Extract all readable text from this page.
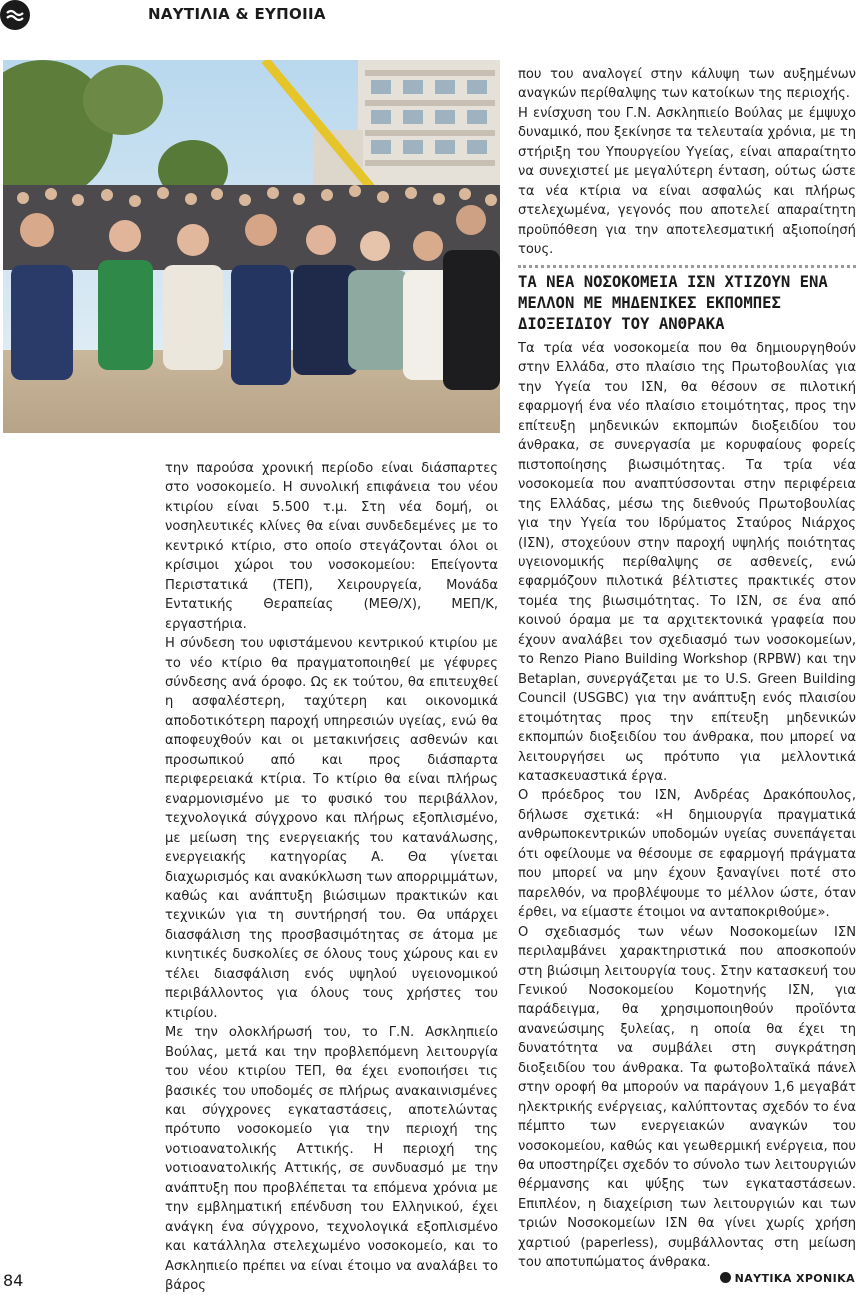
ΝΑΥΤΙΛΙΑ & ΕΥΠΟΙΙΑ

την παρούσα χρονική περίοδο είναι διάσπαρτες στο νοσοκομείο. Η συνολική επιφάνεια του νέου κτιρίου είναι 5.500 τ.μ. Στη νέα δομή, οι νοσηλευτικές κλίνες θα είναι συνδεδεμένες με το κεντρικό κτίριο, στο οποίο στεγάζονται όλοι οι κρίσιμοι χώροι του νοσοκομείου: Επείγοντα Περιστατικά (ΤΕΠ), Χειρουργεία, Μονάδα Εντατικής Θεραπείας (ΜΕΘ/Χ), ΜΕΠ/Κ, εργαστήρια.

Η σύνδεση του υφιστάμενου κεντρικού κτιρίου με το νέο κτίριο θα πραγματοποιηθεί με γέφυρες σύνδεσης ανά όροφο. Ως εκ τούτου, θα επιτευχθεί η ασφαλέστερη, ταχύτερη και οικονομικά αποδοτικότερη παροχή υπηρεσιών υγείας, ενώ θα αποφευχθούν και οι μετακινήσεις ασθενών και προσωπικού από και προς διάσπαρτα περιφερειακά κτίρια. Το κτίριο θα είναι πλήρως εναρμονισμένο με το φυσικό του περιβάλλον, τεχνολογικά σύγχρονο και πλήρως εξοπλισμένο, με μείωση της ενεργειακής του κατανάλωσης, ενεργειακής κατηγορίας Α. Θα γίνεται διαχωρισμός και ανακύκλωση των απορριμμάτων, καθώς και ανάπτυξη βιώσιμων πρακτικών και τεχνικών για τη συντήρησή του. Θα υπάρχει διασφάλιση της προσβασιμότητας σε άτομα με κινητικές δυσκολίες σε όλους τους χώρους και εν τέλει διασφάλιση ενός υψηλού υγειονομικού περιβάλλοντος για όλους τους χρήστες του κτιρίου.

Με την ολοκλήρωσή του, το Γ.Ν. Ασκληπιείο Βούλας, μετά και την προβλεπόμενη λειτουργία του νέου κτιρίου ΤΕΠ, θα έχει ενοποιήσει τις βασικές του υποδομές σε πλήρως ανακαινισμένες και σύγχρονες εγκαταστάσεις, αποτελώντας πρότυπο νοσοκομείο για την περιοχή της νοτιοανατολικής Αττικής. Η περιοχή της νοτιοανατολικής Αττικής, σε συνδυασμό με την ανάπτυξη που προβλέπεται τα επόμενα χρόνια με την εμβληματική επένδυση του Ελληνικού, έχει ανάγκη ένα σύγχρονο, τεχνολογικά εξοπλισμένο και κατάλληλα στελεχωμένο νοσοκομείο, και το Ασκληπιείο πρέπει να είναι έτοιμο να αναλάβει το βάρος

που του αναλογεί στην κάλυψη των αυξημένων αναγκών περίθαλψης των κατοίκων της περιοχής.

Η ενίσχυση του Γ.Ν. Ασκληπιείο Βούλας με έμψυχο δυναμικό, που ξεκίνησε τα τελευταία χρόνια, με τη στήριξη του Υπουργείου Υγείας, είναι απαραίτητο να συνεχιστεί με μεγαλύτερη ένταση, ούτως ώστε τα νέα κτίρια να είναι ασφαλώς και πλήρως στελεχωμένα, γεγονός που αποτελεί απαραίτητη προϋπόθεση για την αποτελεσματική αξιοποίησή τους.

ΤΑ ΝΕΑ ΝΟΣΟΚΟΜΕΙΑ ΙΣΝ ΧΤΙΖΟΥΝ ΕΝΑ ΜΕΛΛΟΝ ΜΕ ΜΗΔΕΝΙΚΕΣ ΕΚΠΟΜΠΕΣ ΔΙΟΞΕΙΔΙΟΥ ΤΟΥ ΑΝΘΡΑΚΑ

Τα τρία νέα νοσοκομεία που θα δημιουργηθούν στην Ελλάδα, στο πλαίσιο της Πρωτοβουλίας για την Υγεία του ΙΣΝ, θα θέσουν σε πιλοτική εφαρμογή ένα νέο πλαίσιο ετοιμότητας, προς την επίτευξη μηδενικών εκπομπών διοξειδίου του άνθρακα, σε συνεργασία με κορυφαίους φορείς πιστοποίησης βιωσιμότητας. Τα τρία νέα νοσοκομεία που αναπτύσσονται στην περιφέρεια της Ελλάδας, μέσω της διεθνούς Πρωτοβουλίας για την Υγεία του Ιδρύματος Σταύρος Νιάρχος (ΙΣΝ), στοχεύουν στην παροχή υψηλής ποιότητας υγειονομικής περίθαλψης σε ασθενείς, ενώ εφαρμόζουν πιλοτικά βέλτιστες πρακτικές στον τομέα της βιωσιμότητας. Το ΙΣΝ, σε ένα από κοινού όραμα με τα αρχιτεκτονικά γραφεία που έχουν αναλάβει τον σχεδιασμό των νοσοκομείων, το Renzo Piano Building Workshop (RPBW) και την Betaplan, συνεργάζεται με το U.S. Green Building Council (USGBC) για την ανάπτυξη ενός πλαισίου ετοιμότητας προς την επίτευξη μηδενικών εκπομπών διοξειδίου του άνθρακα, που μπορεί να λειτουργήσει ως πρότυπο για μελλοντικά κατασκευαστικά έργα.

Ο πρόεδρος του ΙΣΝ, Ανδρέας Δρακόπουλος, δήλωσε σχετικά: «Η δημιουργία πραγματικά ανθρωποκεντρικών υποδομών υγείας συνεπάγεται ότι οφείλουμε να θέσουμε σε εφαρμογή πράγματα που μπορεί να μην έχουν ξαναγίνει ποτέ στο παρελθόν, να προβλέψουμε το μέλλον ώστε, όταν έρθει, να είμαστε έτοιμοι να ανταποκριθούμε».

Ο σχεδιασμός των νέων Νοσοκομείων ΙΣΝ περιλαμβάνει χαρακτηριστικά που αποσκοπούν στη βιώσιμη λειτουργία τους. Στην κατασκευή του Γενικού Νοσοκομείου Κομοτηνής ΙΣΝ, για παράδειγμα, θα χρησιμοποιηθούν προϊόντα ανανεώσιμης ξυλείας, η οποία θα έχει τη δυνατότητα να συμβάλει στη συγκράτηση διοξειδίου του άνθρακα. Τα φωτοβολταϊκά πάνελ στην οροφή θα μπορούν να παράγουν 1,6 μεγαβάτ ηλεκτρικής ενέργειας, καλύπτοντας σχεδόν το ένα πέμπτο των ενεργειακών αναγκών του νοσοκομείου, καθώς και γεωθερμική ενέργεια, που θα υποστηρίζει σχεδόν το σύνολο των λειτουργιών θέρμανσης και ψύξης των εγκαταστάσεων. Επιπλέον, η διαχείριση των λειτουργιών και των τριών Νοσοκομείων ΙΣΝ θα γίνει χωρίς χρήση χαρτιού (paperless), συμβάλλοντας στη μείωση του αποτυπώματος άνθρακα.

84	ΝΑΥΤΙΚΑ ΧΡΟΝΙΚΑ
